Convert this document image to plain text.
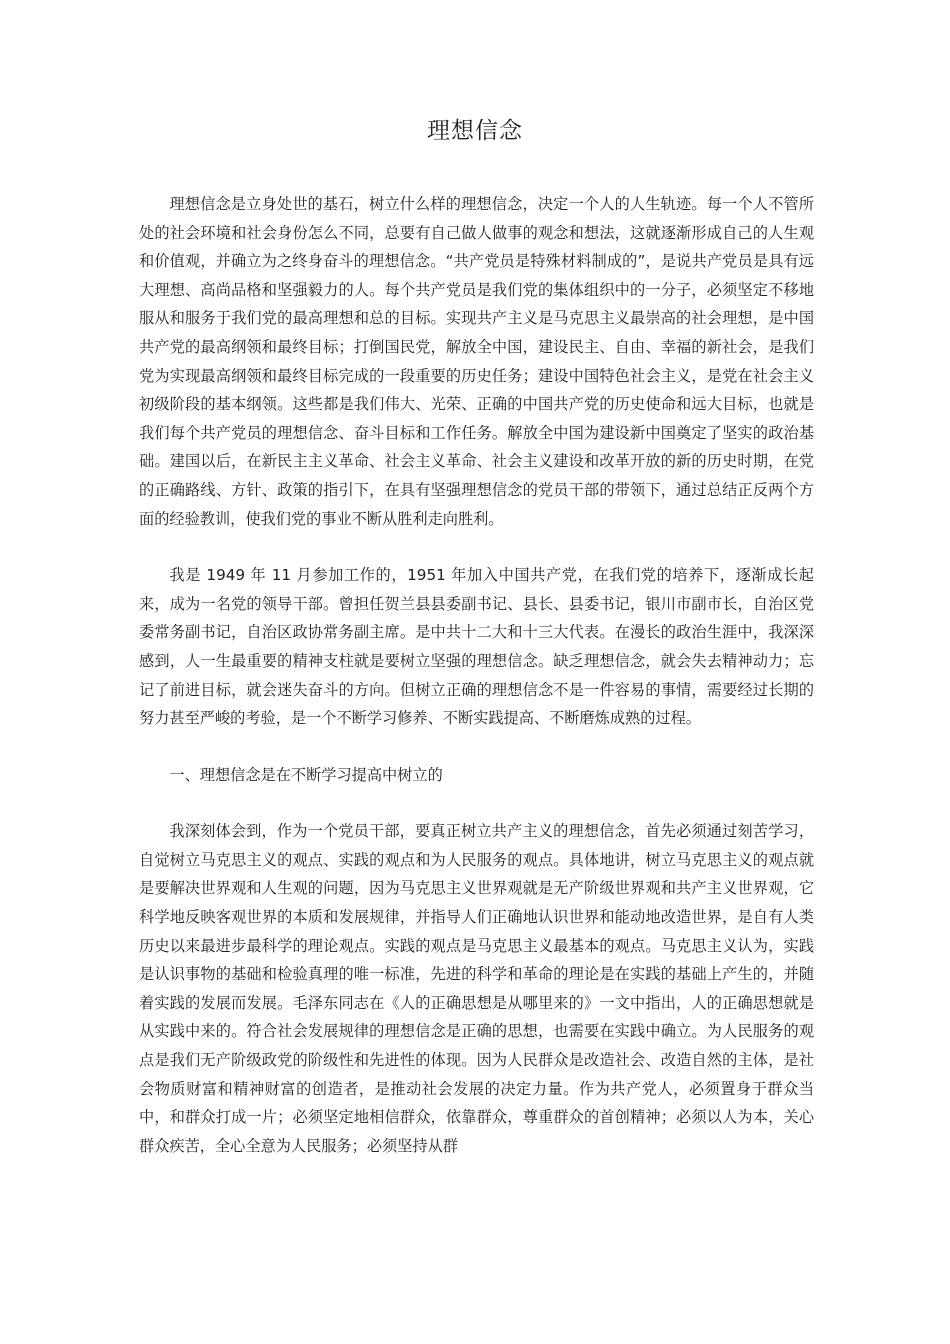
理想信念

理想信念是立身处世的基石，树立什么样的理想信念，决定一个人的人生轨迹。每一个人不管所处的社会环境和社会身份怎么不同，总要有自己做人做事的观念和想法，这就逐渐形成自己的人生观和价值观，并确立为之终身奋斗的理想信念。“共产党员是特殊材料制成的”，是说共产党员是具有远大理想、高尚品格和坚强毅力的人。每个共产党员是我们党的集体组织中的一分子，必须坚定不移地服从和服务于我们党的最高理想和总的目标。实现共产主义是马克思主义最崇高的社会理想，是中国共产党的最高纲领和最终目标；打倒国民党，解放全中国，建设民主、自由、幸福的新社会，是我们党为实现最高纲领和最终目标完成的一段重要的历史任务；建设中国特色社会主义，是党在社会主义初级阶段的基本纲领。这些都是我们伟大、光荣、正确的中国共产党的历史使命和远大目标，也就是我们每个共产党员的理想信念、奋斗目标和工作任务。解放全中国为建设新中国奠定了坚实的政治基础。建国以后，在新民主主义革命、社会主义革命、社会主义建设和改革开放的新的历史时期，在党的正确路线、方针、政策的指引下，在具有坚强理想信念的党员干部的带领下，通过总结正反两个方面的经验教训，使我们党的事业不断从胜利走向胜利。

我是 1949 年 11 月参加工作的，1951 年加入中国共产党，在我们党的培养下，逐渐成长起来，成为一名党的领导干部。曾担任贺兰县县委副书记、县长、县委书记，银川市副市长，自治区党委常务副书记，自治区政协常务副主席。是中共十二大和十三大代表。在漫长的政治生涯中，我深深感到，人一生最重要的精神支柱就是要树立坚强的理想信念。缺乏理想信念，就会失去精神动力；忘记了前进目标，就会迷失奋斗的方向。但树立正确的理想信念不是一件容易的事情，需要经过长期的努力甚至严峻的考验，是一个不断学习修养、不断实践提高、不断磨炼成熟的过程。

一、理想信念是在不断学习提高中树立的

我深刻体会到，作为一个党员干部，要真正树立共产主义的理想信念，首先必须通过刻苦学习，自觉树立马克思主义的观点、实践的观点和为人民服务的观点。具体地讲，树立马克思主义的观点就是要解决世界观和人生观的问题，因为马克思主义世界观就是无产阶级世界观和共产主义世界观，它科学地反映客观世界的本质和发展规律，并指导人们正确地认识世界和能动地改造世界，是自有人类历史以来最进步最科学的理论观点。实践的观点是马克思主义最基本的观点。马克思主义认为，实践是认识事物的基础和检验真理的唯一标准，先进的科学和革命的理论是在实践的基础上产生的，并随着实践的发展而发展。毛泽东同志在《人的正确思想是从哪里来的》一文中指出，人的正确思想就是从实践中来的。符合社会发展规律的理想信念是正确的思想，也需要在实践中确立。为人民服务的观点是我们无产阶级政党的阶级性和先进性的体现。因为人民群众是改造社会、改造自然的主体，是社会物质财富和精神财富的创造者，是推动社会发展的决定力量。作为共产党人，必须置身于群众当中，和群众打成一片；必须坚定地相信群众，依靠群众，尊重群众的首创精神；必须以人为本，关心群众疾苦，全心全意为人民服务；必须坚持从群
